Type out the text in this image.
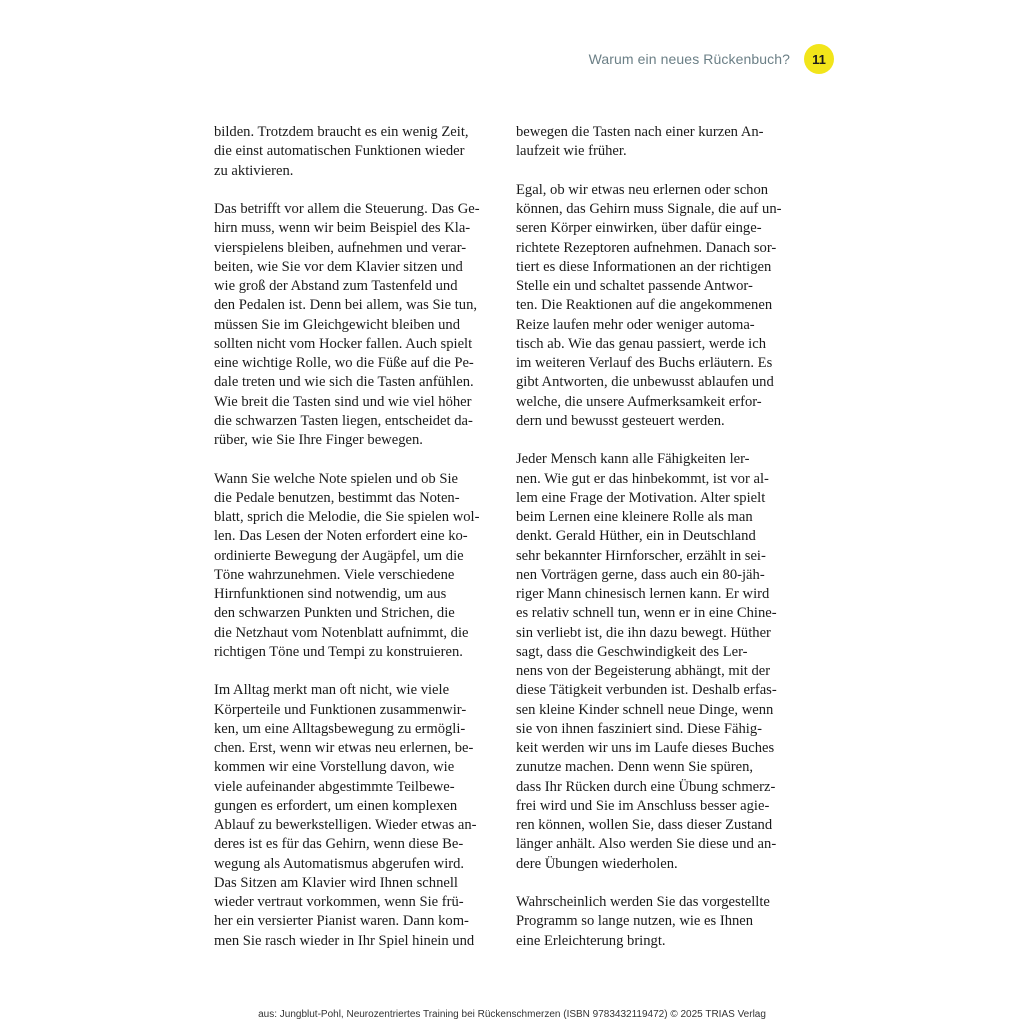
Warum ein neues Rückenbuch?	11
bilden. Trotzdem braucht es ein wenig Zeit,
die einst automatischen Funktionen wieder
zu aktivieren.
Das betrifft vor allem die Steuerung. Das Ge-
hirn muss, wenn wir beim Beispiel des Kla-
vierspielens bleiben, aufnehmen und verar-
beiten, wie Sie vor dem Klavier sitzen und
wie groß der Abstand zum Tastenfeld und
den Pedalen ist. Denn bei allem, was Sie tun,
müssen Sie im Gleichgewicht bleiben und
sollten nicht vom Hocker fallen. Auch spielt
eine wichtige Rolle, wo die Füße auf die Pe-
dale treten und wie sich die Tasten anfühlen.
Wie breit die Tasten sind und wie viel höher
die schwarzen Tasten liegen, entscheidet da-
rüber, wie Sie Ihre Finger bewegen.
Wann Sie welche Note spielen und ob Sie
die Pedale benutzen, bestimmt das Noten-
blatt, sprich die Melodie, die Sie spielen wol-
len. Das Lesen der Noten erfordert eine ko-
ordinierte Bewegung der Augäpfel, um die
Töne wahrzunehmen. Viele verschiedene
Hirnfunktionen sind notwendig, um aus
den schwarzen Punkten und Strichen, die
die Netzhaut vom Notenblatt aufnimmt, die
richtigen Töne und Tempi zu konstruieren.
Im Alltag merkt man oft nicht, wie viele
Körperteile und Funktionen zusammenwir-
ken, um eine Alltagsbewegung zu ermögli-
chen. Erst, wenn wir etwas neu erlernen, be-
kommen wir eine Vorstellung davon, wie
viele aufeinander abgestimmte Teilbewe-
gungen es erfordert, um einen komplexen
Ablauf zu bewerkstelligen. Wieder etwas an-
deres ist es für das Gehirn, wenn diese Be-
wegung als Automatismus abgerufen wird.
Das Sitzen am Klavier wird Ihnen schnell
wieder vertraut vorkommen, wenn Sie frü-
her ein versierter Pianist waren. Dann kom-
men Sie rasch wieder in Ihr Spiel hinein und
bewegen die Tasten nach einer kurzen An-
laufzeit wie früher.
Egal, ob wir etwas neu erlernen oder schon
können, das Gehirn muss Signale, die auf un-
seren Körper einwirken, über dafür einge-
richtete Rezeptoren aufnehmen. Danach sor-
tiert es diese Informationen an der richtigen
Stelle ein und schaltet passende Antwor-
ten. Die Reaktionen auf die angekommenen
Reize laufen mehr oder weniger automa-
tisch ab. Wie das genau passiert, werde ich
im weiteren Verlauf des Buchs erläutern. Es
gibt Antworten, die unbewusst ablaufen und
welche, die unsere Aufmerksamkeit erfor-
dern und bewusst gesteuert werden.
Jeder Mensch kann alle Fähigkeiten ler-
nen. Wie gut er das hinbekommt, ist vor al-
lem eine Frage der Motivation. Alter spielt
beim Lernen eine kleinere Rolle als man
denkt. Gerald Hüther, ein in Deutschland
sehr bekannter Hirnforscher, erzählt in sei-
nen Vorträgen gerne, dass auch ein 80-jäh-
riger Mann chinesisch lernen kann. Er wird
es relativ schnell tun, wenn er in eine Chine-
sin verliebt ist, die ihn dazu bewegt. Hüther
sagt, dass die Geschwindigkeit des Ler-
nens von der Begeisterung abhängt, mit der
diese Tätigkeit verbunden ist. Deshalb erfas-
sen kleine Kinder schnell neue Dinge, wenn
sie von ihnen fasziniert sind. Diese Fähig-
keit werden wir uns im Laufe dieses Buches
zunutze machen. Denn wenn Sie spüren,
dass Ihr Rücken durch eine Übung schmerz-
frei wird und Sie im Anschluss besser agie-
ren können, wollen Sie, dass dieser Zustand
länger anhält. Also werden Sie diese und an-
dere Übungen wiederholen.
Wahrscheinlich werden Sie das vorgestellte
Programm so lange nutzen, wie es Ihnen
eine Erleichterung bringt.
aus: Jungblut-Pohl, Neurozentriertes Training bei Rückenschmerzen (ISBN 9783432119472) © 2025 TRIAS Verlag
